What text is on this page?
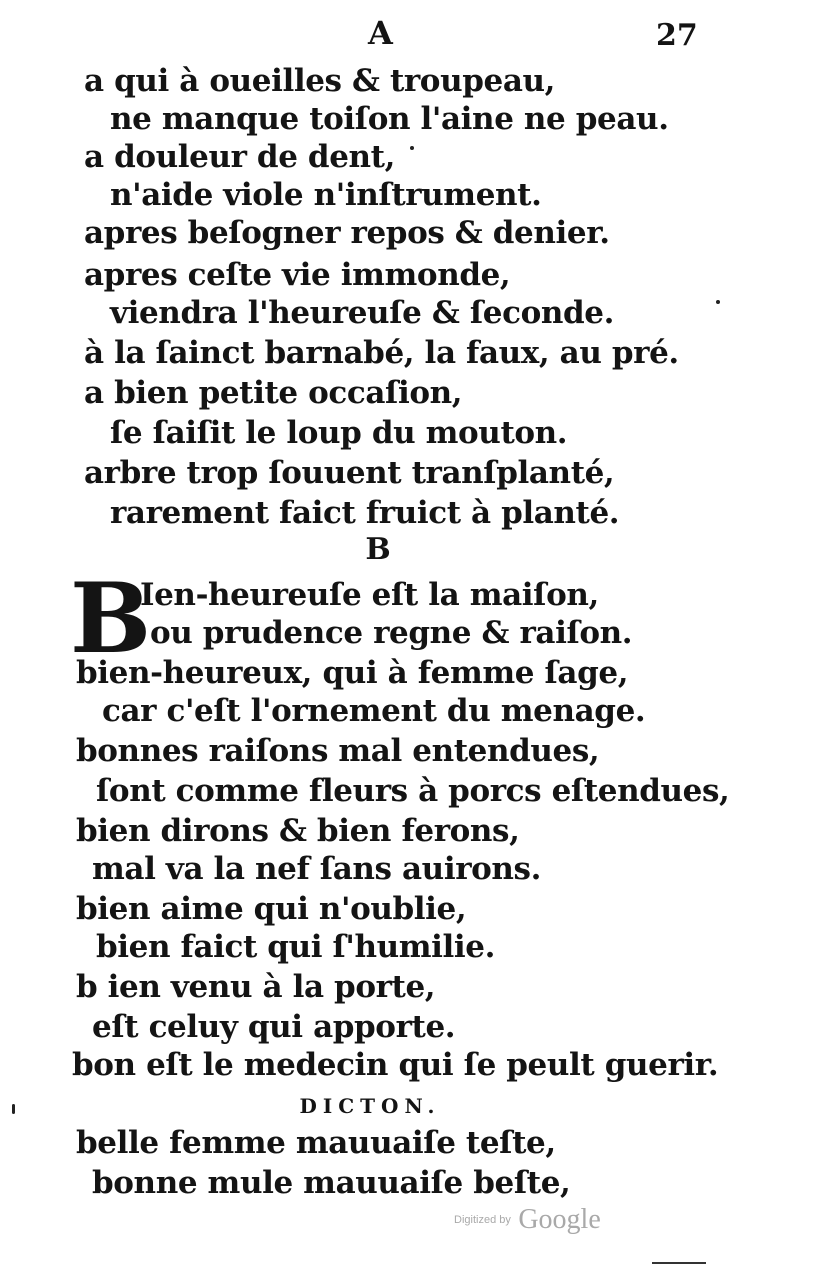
A	27
a qui à oueilles & troupeau,
ne manque toiſon l'aine ne peau.
a douleur de dent,
n'aide viole n'inſtrument.
apres beſogner repos & denier.
apres ceſte vie immonde,
viendra l'heureuſe & ſeconde.
à la ſainct barnabé, la faux, au pré.
a bien petite occaſion,
ſe ſaiſit le loup du mouton.
arbre trop ſouuent tranſplanté,
rarement faict fruict à planté.
B
B
Ien-heureuſe eſt la maiſon,
ou prudence regne & raiſon.
bien-heureux, qui à femme ſage,
car c'eſt l'ornement du menage.
bonnes raiſons mal entendues,
ſont comme fleurs à porcs eſtendues,
bien dirons & bien ferons,
mal va la nef ſans auirons.
bien aime qui n'oublie,
bien faict qui ſ'humilie.
b ien venu à la porte,
eſt celuy qui apporte.
bon eſt le medecin qui ſe peult guerir.
DICTON.
belle femme mauuaiſe teſte,
bonne mule mauuaiſe beſte,
Digitized by Google
